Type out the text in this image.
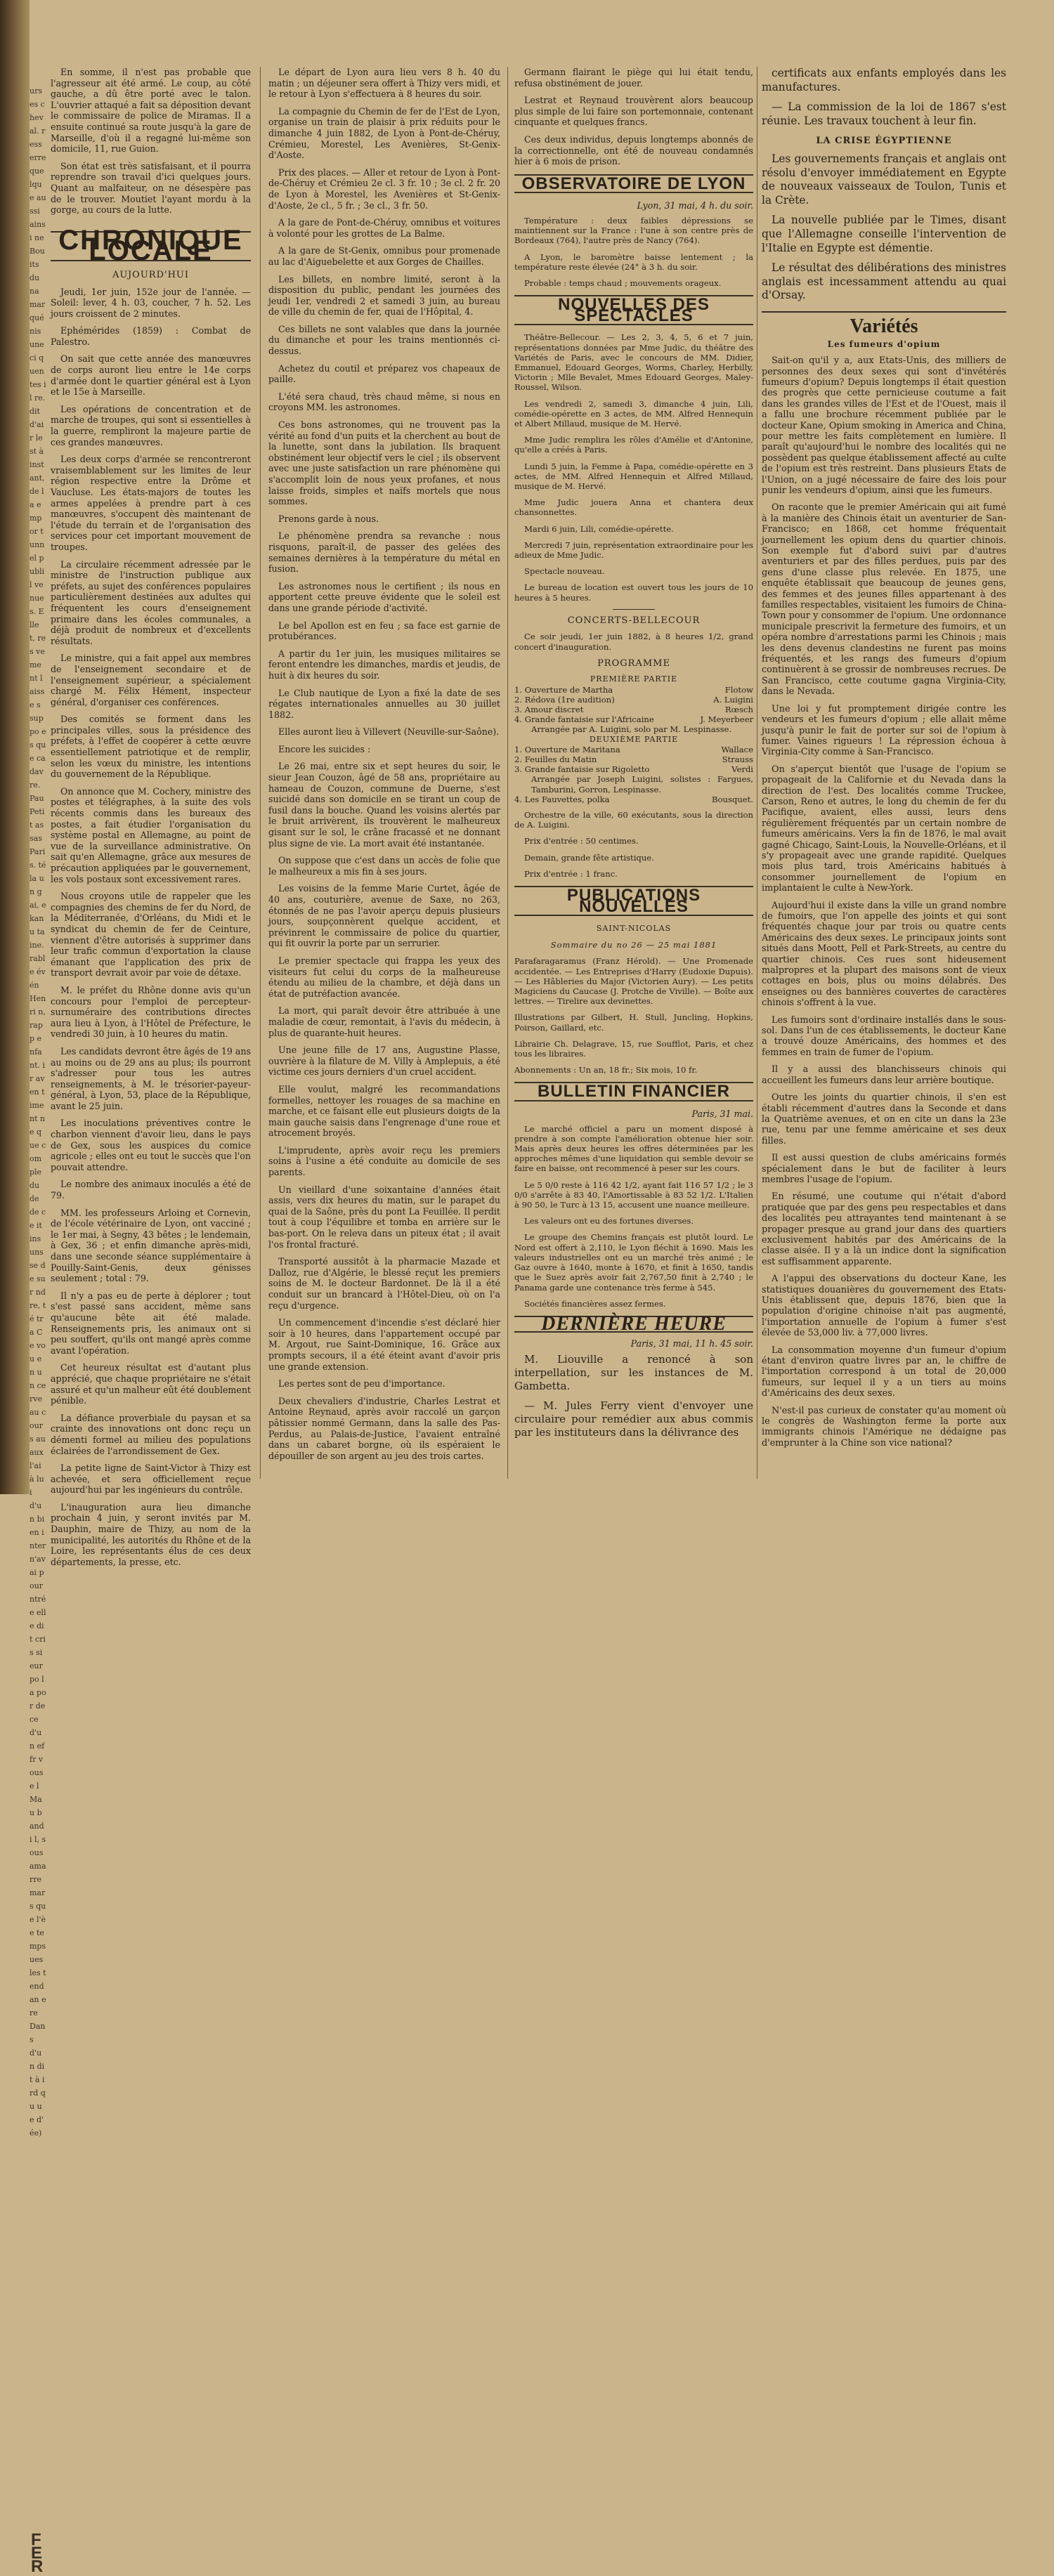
urses cheval. resserre quelque aussi ainsi ne Bou its du na marqué nis une ci quentes il re. dit d'air lest à instant, de la empor tunnel publi l venue s. Elle t, res vement laisse s suppo es que cadavre. Pau Petit assas Paris. té la un gai, ekanu taine. rable évén Henri n, rapp enfant. ir aven timent ne que comple du de de ce it ins uns se de sur ndre, té tra Ce vou en un cerveau cours au aux l'ai à lui d'un bien inter n'avai pour ntrée elle dit cris sieur po la por de ce d'un effr vous e l Mau bandi l, sous amarre mars que l'è e temps ues les tendan ere Dans d'un dit à ird qu ue d' ée)
FER

En somme, il n'est pas probable que l'agresseur ait été armé. Le coup, au côté gauche, a dû être porté avec le talon. L'ouvrier attaqué a fait sa déposition devant le commissaire de police de Miramas. Il a ensuite continué sa route jusqu'à la gare de Marseille, d'où il a regagné lui-même son domicile, 11, rue Guion.

Son état est très satisfaisant, et il pourra reprendre son travail d'ici quelques jours. Quant au malfaiteur, on ne désespère pas de le trouver. Moutiet l'ayant mordu à la gorge, au cours de la lutte.

CHRONIQUE LOCALE
AUJOURD'HUI

Jeudi, 1er juin, 152e jour de l'année. — Soleil: lever, 4 h. 03, coucher, 7 h. 52. Les jours croissent de 2 minutes.

Ephémérides (1859) : Combat de Palestro.

On sait que cette année des manœuvres de corps auront lieu entre le 14e corps d'armée dont le quartier général est à Lyon et le 15e à Marseille.

Les opérations de concentration et de marche de troupes, qui sont si essentielles à la guerre, rempliront la majeure partie de ces grandes manœuvres.

Les deux corps d'armée se rencontreront vraisemblablement sur les limites de leur région respective entre la Drôme et Vaucluse. Les états-majors de toutes les armes appelées à prendre part à ces manœuvres, s'occupent dès maintenant de l'étude du terrain et de l'organisation des services pour cet important mouvement de troupes.

La circulaire récemment adressée par le ministre de l'instruction publique aux préfets, au sujet des conférences populaires particulièrement destinées aux adultes qui fréquentent les cours d'enseignement primaire dans les écoles communales, a déjà produit de nombreux et d'excellents résultats.

Le ministre, qui a fait appel aux membres de l'enseignement secondaire et de l'enseignement supérieur, a spécialement chargé M. Félix Hément, inspecteur général, d'organiser ces conférences.

Des comités se forment dans les principales villes, sous la présidence des préfets, à l'effet de coopérer à cette œuvre essentiellement patriotique et de remplir, selon les vœux du ministre, les intentions du gouvernement de la République.

On annonce que M. Cochery, ministre des postes et télégraphes, à la suite des vols récents commis dans les bureaux des postes, a fait étudier l'organisation du système postal en Allemagne, au point de vue de la surveillance administrative. On sait qu'en Allemagne, grâce aux mesures de précaution appliquées par le gouvernement, les vols postaux sont excessivement rares.

Nous croyons utile de rappeler que les compagnies des chemins de fer du Nord, de la Méditerranée, d'Orléans, du Midi et le syndicat du chemin de fer de Ceinture, viennent d'être autorisés à supprimer dans leur trafic commun d'exportation la clause émanant que l'application des prix de transport devrait avoir par voie de détaxe.

M. le préfet du Rhône donne avis qu'un concours pour l'emploi de percepteur-surnuméraire des contributions directes aura lieu à Lyon, à l'Hôtel de Préfecture, le vendredi 30 juin, à 10 heures du matin.

Les candidats devront être âgés de 19 ans au moins ou de 29 ans au plus; ils pourront s'adresser pour tous les autres renseignements, à M. le trésorier-payeur-général, à Lyon, 53, place de la République, avant le 25 juin.

Les inoculations préventives contre le charbon viennent d'avoir lieu, dans le pays de Gex, sous les auspices du comice agricole ; elles ont eu tout le succès que l'on pouvait attendre.

Le nombre des animaux inoculés a été de 79.

MM. les professeurs Arloing et Cornevin, de l'école vétérinaire de Lyon, ont vacciné ; le 1er mai, à Segny, 43 bêtes ; le lendemain, à Gex, 36 ; et enfin dimanche après-midi, dans une seconde séance supplémentaire à Pouilly-Saint-Genis, deux génisses seulement ; total : 79.

Il n'y a pas eu de perte à déplorer ; tout s'est passé sans accident, même sans qu'aucune bête ait été malade. Renseignements pris, les animaux ont si peu souffert, qu'ils ont mangé après comme avant l'opération.

Cet heureux résultat est d'autant plus apprécié, que chaque propriétaire ne s'était assuré et qu'un malheur eût été doublement pénible.

La défiance proverbiale du paysan et sa crainte des innovations ont donc reçu un démenti formel au milieu des populations éclairées de l'arrondissement de Gex.

La petite ligne de Saint-Victor à Thizy est achevée, et sera officiellement reçue aujourd'hui par les ingénieurs du contrôle.

L'inauguration aura lieu dimanche prochain 4 juin, y seront invités par M. Dauphin, maire de Thizy, au nom de la municipalité, les autorités du Rhône et de la Loire, les représentants élus de ces deux départements, la presse, etc.

Le départ de Lyon aura lieu vers 8 h. 40 du matin ; un déjeuner sera offert à Thizy vers midi, et le retour à Lyon s'effectuera à 8 heures du soir.

La compagnie du Chemin de fer de l'Est de Lyon, organise un train de plaisir à prix réduits pour le dimanche 4 juin 1882, de Lyon à Pont-de-Chéruy, Crémieu, Morestel, Les Avenières, St-Genix-d'Aoste.

Prix des places. — Aller et retour de Lyon à Pont-de-Chéruy et Crémieu 2e cl. 3 fr. 10 ; 3e cl. 2 fr. 20 de Lyon à Morestel, les Avenières et St-Genix-d'Aoste, 2e cl., 5 fr. ; 3e cl., 3 fr. 50.

A la gare de Pont-de-Chéruy, omnibus et voitures à volonté pour les grottes de La Balme.

A la gare de St-Genix, omnibus pour promenade au lac d'Aiguebelette et aux Gorges de Chailles.

Les billets, en nombre limité, seront à la disposition du public, pendant les journées des jeudi 1er, vendredi 2 et samedi 3 juin, au bureau de ville du chemin de fer, quai de l'Hôpital, 4.

Ces billets ne sont valables que dans la journée du dimanche et pour les trains mentionnés ci-dessus.

Achetez du coutil et préparez vos chapeaux de paille.

L'été sera chaud, très chaud même, si nous en croyons MM. les astronomes.

Ces bons astronomes, qui ne trouvent pas la vérité au fond d'un puits et la cherchent au bout de la lunette, sont dans la jubilation. Ils braquent obstinément leur objectif vers le ciel ; ils observent avec une juste satisfaction un rare phénomène qui s'accomplit loin de nous yeux profanes, et nous laisse froids, simples et naïfs mortels que nous sommes.

Prenons garde à nous.

Le phénomène prendra sa revanche : nous risquons, paraît-il, de passer des gelées des semaines dernières à la température du métal en fusion.

Les astronomes nous le certifient ; ils nous en apportent cette preuve évidente que le soleil est dans une grande période d'activité.

Le bel Apollon est en feu ; sa face est garnie de protubérances.

A partir du 1er juin, les musiques militaires se feront entendre les dimanches, mardis et jeudis, de huit à dix heures du soir.

Le Club nautique de Lyon a fixé la date de ses régates internationales annuelles au 30 juillet 1882.

Elles auront lieu à Villevert (Neuville-sur-Saône).

Encore les suicides :

Le 26 mai, entre six et sept heures du soir, le sieur Jean Couzon, âgé de 58 ans, propriétaire au hameau de Couzon, commune de Duerne, s'est suicidé dans son domicile en se tirant un coup de fusil dans la bouche. Quand les voisins alertés par le bruit arrivèrent, ils trouvèrent le malheureux gisant sur le sol, le crâne fracassé et ne donnant plus signe de vie. La mort avait été instantanée.

On suppose que c'est dans un accès de folie que le malheureux a mis fin à ses jours.

Les voisins de la femme Marie Curtet, âgée de 40 ans, couturière, avenue de Saxe, no 263, étonnés de ne pas l'avoir aperçu depuis plusieurs jours, soupçonnèrent quelque accident, et prévinrent le commissaire de police du quartier, qui fit ouvrir la porte par un serrurier.

Le premier spectacle qui frappa les yeux des visiteurs fut celui du corps de la malheureuse étendu au milieu de la chambre, et déjà dans un état de putréfaction avancée.

La mort, qui paraît devoir être attribuée à une maladie de cœur, remontait, à l'avis du médecin, à plus de quarante-huit heures.

Une jeune fille de 17 ans, Augustine Plasse, ouvrière à la filature de M. Villy à Amplepuis, a été victime ces jours derniers d'un cruel accident.

Elle voulut, malgré les recommandations formelles, nettoyer les rouages de sa machine en marche, et ce faisant elle eut plusieurs doigts de la main gauche saisis dans l'engrenage d'une roue et atrocement broyés.

L'imprudente, après avoir reçu les premiers soins à l'usine a été conduite au domicile de ses parents.

Un vieillard d'une soixantaine d'années était assis, vers dix heures du matin, sur le parapet du quai de la Saône, près du pont La Feuillée. Il perdit tout à coup l'équilibre et tomba en arrière sur le bas-port. On le releva dans un piteux état ; il avait l'os frontal fracturé.

Transporté aussitôt à la pharmacie Mazade et Dalloz, rue d'Algérie, le blessé reçut les premiers soins de M. le docteur Bardonnet. De là il a été conduit sur un brancard à l'Hôtel-Dieu, où on l'a reçu d'urgence.

Un commencement d'incendie s'est déclaré hier soir à 10 heures, dans l'appartement occupé par M. Argout, rue Saint-Dominique, 16. Grâce aux prompts secours, il a été éteint avant d'avoir pris une grande extension.

Les pertes sont de peu d'importance.

Deux chevaliers d'industrie, Charles Lestrat et Antoine Reynaud, après avoir raccolé un garçon pâtissier nommé Germann, dans la salle des Pas-Perdus, au Palais-de-Justice, l'avaient entraîné dans un cabaret borgne, où ils espéraient le dépouiller de son argent au jeu des trois cartes.

Germann flairant le piège qui lui était tendu, refusa obstinément de jouer.

Lestrat et Reynaud trouvèrent alors beaucoup plus simple de lui faire son portemonnaie, contenant cinquante et quelques francs.

Ces deux individus, depuis longtemps abonnés de la correctionnelle, ont été de nouveau condamnés hier à 6 mois de prison.

OBSERVATOIRE DE LYON
Lyon, 31 mai, 4 h. du soir.

Température : deux faibles dépressions se maintiennent sur la France : l'une à son centre près de Bordeaux (764), l'autre près de Nancy (764).

A Lyon, le baromètre baisse lentement ; la température reste élevée (24° à 3 h. du soir.

Probable : temps chaud ; mouvements orageux.

NOUVELLES DES SPECTACLES

Théâtre-Bellecour. — Les 2, 3, 4, 5, 6 et 7 juin, représentations données par Mme Judic, du théâtre des Variétés de Paris, avec le concours de MM. Didier, Emmanuel, Edouard Georges, Worms, Charley, Herbilly, Victorin ; Mlle Bevalet, Mmes Edouard Georges, Maley-Roussel, Wilson.

Les vendredi 2, samedi 3, dimanche 4 juin, Lili, comédie-opérette en 3 actes, de MM. Alfred Hennequin et Albert Millaud, musique de M. Hervé.

Mme Judic remplira les rôles d'Amélie et d'Antonine, qu'elle a créés à Paris.

Lundi 5 juin, la Femme à Papa, comédie-opérette en 3 actes, de MM. Alfred Hennequin et Alfred Millaud, musique de M. Hervé.

Mme Judic jouera Anna et chantera deux chansonnettes.

Mardi 6 juin, Lili, comédie-opérette.

Mercredi 7 juin, représentation extraordinaire pour les adieux de Mme Judic.

Spectacle nouveau.

Le bureau de location est ouvert tous les jours de 10 heures à 5 heures.

CONCERTS-BELLECOUR

Ce soir jeudi, 1er juin 1882, à 8 heures 1/2, grand concert d'inauguration.

PROGRAMME
PREMIÈRE PARTIE
1. Ouverture de Martha	Flotow
2. Rédova (1re audition)	A. Luigini
3. Amour discret	Rœsch
4. Grande fantaisie sur l'Africaine	J. Meyerbeer
Arrangée par A. Luigini, solo par M. Lespinasse.
DEUXIÈME PARTIE
1. Ouverture de Maritana	Wallace
2. Feuilles du Matin	Strauss
3. Grande fantaisie sur Rigoletto	Verdi
Arrangée par Joseph Luigini, solistes : Fargues, Tamburini, Gorron, Lespinasse.
4. Les Fauvettes, polka	Bousquet.

Orchestre de la ville, 60 exécutants, sous la direction de A. Luigini.

Prix d'entrée : 50 centimes.

Demain, grande fête artistique.

Prix d'entrée : 1 franc.

PUBLICATIONS NOUVELLES
SAINT-NICOLAS
Sommaire du no 26 — 25 mai 1881

Parafaragaramus (Franz Hérold). — Une Promenade accidentée. — Les Entreprises d'Harry (Eudoxie Dupuis). — Les Hâbleries du Major (Victorien Aury). — Les petits Magiciens du Caucase (J. Protche de Viville). — Boîte aux lettres. — Tirelire aux devinettes.

Illustrations par Gilbert, H. Stull, Juncling, Hopkins, Poirson, Gaillard, etc.

Librairie Ch. Delagrave, 15, rue Soufflot, Paris, et chez tous les libraires.

Abonnements : Un an, 18 fr.; Six mois, 10 fr.

BULLETIN FINANCIER
Paris, 31 mai.

Le marché officiel a paru un moment disposé à prendre à son compte l'amélioration obtenue hier soir. Mais après deux heures les offres déterminées par les approches mêmes d'une liquidation qui semble devoir se faire en baisse, ont recommencé à peser sur les cours.

Le 5 0/0 reste à 116 42 1/2, ayant fait 116 57 1/2 ; le 3 0/0 s'arrête à 83 40, l'Amortissable à 83 52 1/2. L'Italien à 90 50, le Turc à 13 15, accusent une nuance meilleure.

Les valeurs ont eu des fortunes diverses.

Le groupe des Chemins français est plutôt lourd. Le Nord est offert à 2,110, le Lyon fléchit à 1690. Mais les valeurs industrielles ont eu un marché très animé ; le Gaz ouvre à 1640, monte à 1670, et finit à 1650, tandis que le Suez après avoir fait 2,767,50 finit à 2,740 ; le Panama garde une contenance très ferme à 545.

Sociétés financières assez fermes.

DERNIÈRE HEURE
Paris, 31 mai, 11 h. 45 soir.

M. Liouville a renoncé à son interpellation, sur les instances de M. Gambetta.

— M. Jules Ferry vient d'envoyer une circulaire pour remédier aux abus commis par les instituteurs dans la délivrance des

certificats aux enfants employés dans les manufactures.

— La commission de la loi de 1867 s'est réunie. Les travaux touchent à leur fin.

LA CRISE ÉGYPTIENNE

Les gouvernements français et anglais ont résolu d'envoyer immédiatement en Egypte de nouveaux vaisseaux de Toulon, Tunis et la Crète.

La nouvelle publiée par le Times, disant que l'Allemagne conseille l'intervention de l'Italie en Egypte est démentie.

Le résultat des délibérations des ministres anglais est incessamment attendu au quai d'Orsay.

Variétés
Les fumeurs d'opium

Sait-on qu'il y a, aux Etats-Unis, des milliers de personnes des deux sexes qui sont d'invétérés fumeurs d'opium? Depuis longtemps il était question des progrès que cette pernicieuse coutume a fait dans les grandes villes de l'Est et de l'Ouest, mais il a fallu une brochure récemment publiée par le docteur Kane, Opium smoking in America and China, pour mettre les faits complètement en lumière. Il paraît qu'aujourd'hui le nombre des localités qui ne possèdent pas quelque établissement affecté au culte de l'opium est très restreint. Dans plusieurs Etats de l'Union, on a jugé nécessaire de faire des lois pour punir les vendeurs d'opium, ainsi que les fumeurs.

On raconte que le premier Américain qui ait fumé à la manière des Chinois était un aventurier de San-Francisco; en 1868, cet homme fréquentait journellement les opium dens du quartier chinois. Son exemple fut d'abord suivi par d'autres aventuriers et par des filles perdues, puis par des gens d'une classe plus relevée. En 1875, une enquête établissait que beaucoup de jeunes gens, des femmes et des jeunes filles appartenant à des familles respectables, visitaient les fumoirs de China-Town pour y consommer de l'opium. Une ordonnance municipale prescrivit la fermeture des fumoirs, et un opéra nombre d'arrestations parmi les Chinois ; mais les dens devenus clandestins ne furent pas moins fréquentés, et les rangs des fumeurs d'opium continuèrent à se grossir de nombreuses recrues. De San Francisco, cette coutume gagna Virginia-City, dans le Nevada.

Une loi y fut promptement dirigée contre les vendeurs et les fumeurs d'opium ; elle allait même jusqu'à punir le fait de porter sur soi de l'opium à fumer. Vaines rigueurs ! La répression échoua à Virginia-City comme à San-Francisco.

On s'aperçut bientôt que l'usage de l'opium se propageait de la Californie et du Nevada dans la direction de l'est. Des localités comme Truckee, Carson, Reno et autres, le long du chemin de fer du Pacifique, avaient, elles aussi, leurs dens régulièrement fréquentés par un certain nombre de fumeurs américains. Vers la fin de 1876, le mal avait gagné Chicago, Saint-Louis, la Nouvelle-Orléans, et il s'y propageait avec une grande rapidité. Quelques mois plus tard, trois Américains habitués à consommer journellement de l'opium en implantaient le culte à New-York.

Aujourd'hui il existe dans la ville un grand nombre de fumoirs, que l'on appelle des joints et qui sont fréquentés chaque jour par trois ou quatre cents Américains des deux sexes. Le principaux joints sont situés dans Moott, Pell et Park-Streets, au centre du quartier chinois. Ces rues sont hideusement malpropres et la plupart des maisons sont de vieux cottages en bois, plus ou moins délabrés. Des enseignes ou des bannières couvertes de caractères chinois s'offrent à la vue.

Les fumoirs sont d'ordinaire installés dans le sous-sol. Dans l'un de ces établissements, le docteur Kane a trouvé douze Américains, des hommes et des femmes en train de fumer de l'opium.

Il y a aussi des blanchisseurs chinois qui accueillent les fumeurs dans leur arrière boutique.

Outre les joints du quartier chinois, il s'en est établi récemment d'autres dans la Seconde et dans la Quatrième avenues, et on en cite un dans la 23e rue, tenu par une femme américaine et ses deux filles.

Il est aussi question de clubs américains formés spécialement dans le but de faciliter à leurs membres l'usage de l'opium.

En résumé, une coutume qui n'était d'abord pratiquée que par des gens peu respectables et dans des localités peu attrayantes tend maintenant à se propager presque au grand jour dans des quartiers exclusivement habités par des Américains de la classe aisée. Il y a là un indice dont la signification est suffisamment apparente.

A l'appui des observations du docteur Kane, les statistiques douanières du gouvernement des Etats-Unis établissent que, depuis 1876, bien que la population d'origine chinoise n'ait pas augmenté, l'importation annuelle de l'opium à fumer s'est élevée de 53,000 liv. à 77,000 livres.

La consommation moyenne d'un fumeur d'opium étant d'environ quatre livres par an, le chiffre de l'importation correspond à un total de 20,000 fumeurs, sur lequel il y a un tiers au moins d'Américains des deux sexes.

N'est-il pas curieux de constater qu'au moment où le congrès de Washington ferme la porte aux immigrants chinois l'Amérique ne dédaigne pas d'emprunter à la Chine son vice national?
